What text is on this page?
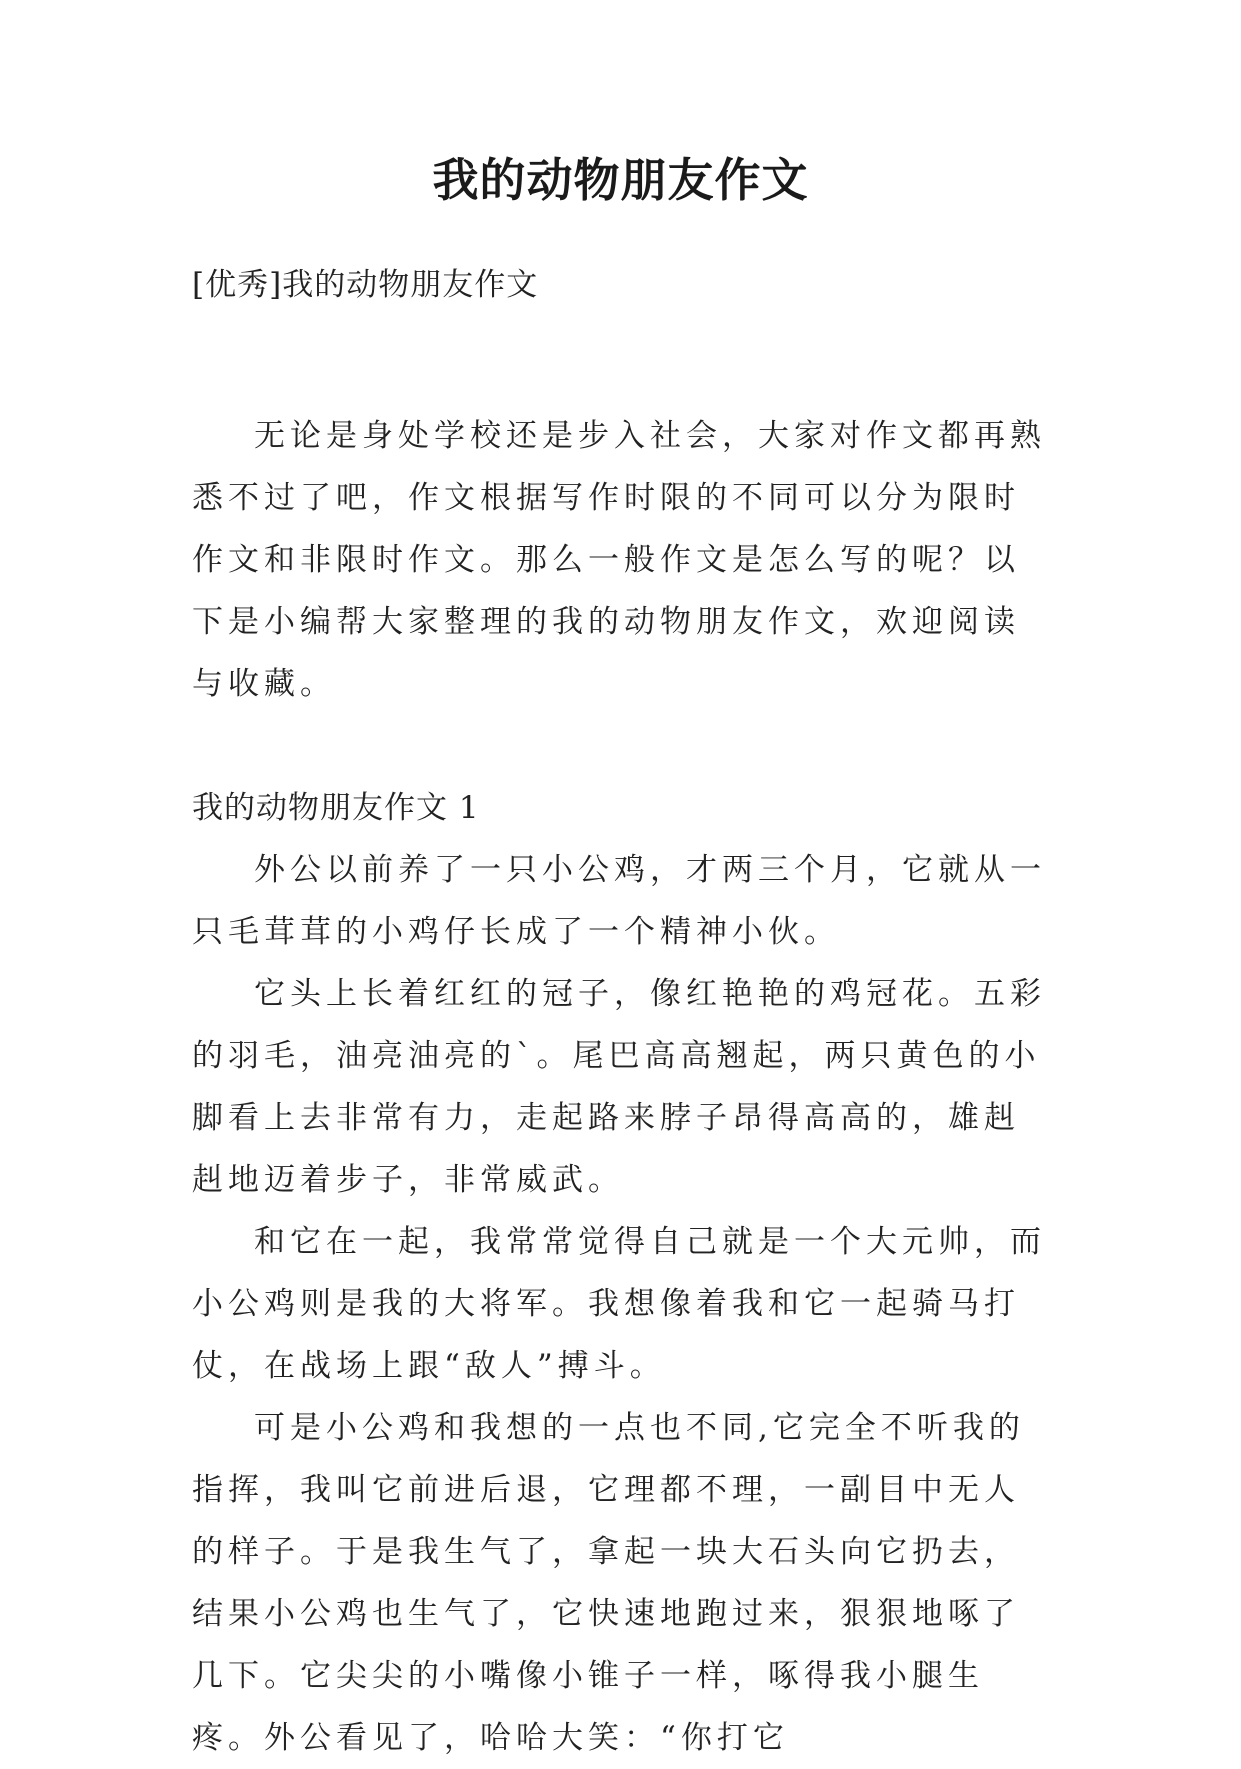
我的动物朋友作文
[优秀]我的动物朋友作文

无论是身处学校还是步入社会，大家对作文都再熟悉不过了吧，作文根据写作时限的不同可以分为限时作文和非限时作文。那么一般作文是怎么写的呢？以下是小编帮大家整理的我的动物朋友作文，欢迎阅读与收藏。

我的动物朋友作文 1

外公以前养了一只小公鸡，才两三个月，它就从一只毛茸茸的小鸡仔长成了一个精神小伙。

它头上长着红红的冠子，像红艳艳的鸡冠花。五彩的羽毛，油亮油亮的`。尾巴高高翘起，两只黄色的小脚看上去非常有力，走起路来脖子昂得高高的，雄赳赳地迈着步子，非常威武。

和它在一起，我常常觉得自己就是一个大元帅，而小公鸡则是我的大将军。我想像着我和它一起骑马打仗，在战场上跟“敌人”搏斗。

可是小公鸡和我想的一点也不同,它完全不听我的指挥，我叫它前进后退，它理都不理，一副目中无人的样子。于是我生气了，拿起一块大石头向它扔去，结果小公鸡也生气了，它快速地跑过来，狠狠地啄了几下。它尖尖的小嘴像小锥子一样，啄得我小腿生疼。外公看见了，哈哈大笑：“你打它
